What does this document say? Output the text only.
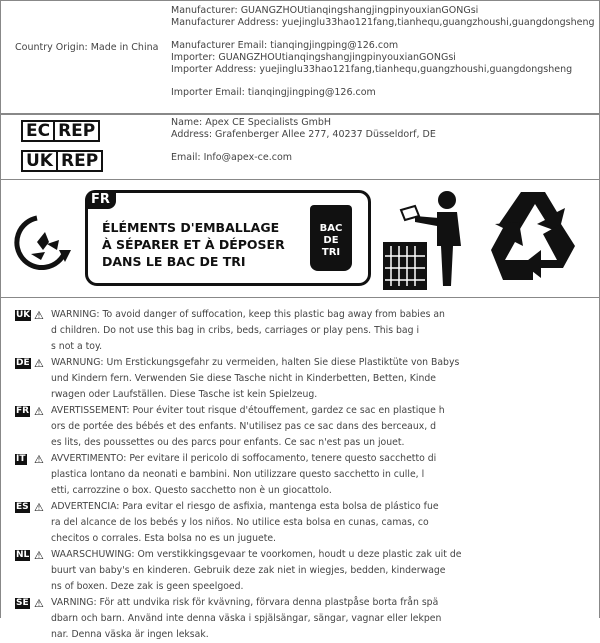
Country Origin: Made in China
Manufacturer: GUANGZHOUtianqingshangjingpinyouxianGONGsi
Manufacturer Address: yuejinglu33hao121fang,tianhequ,guangzhoushi,guangdongsheng
Manufacturer Email: tianqingjingping@126.com
Importer: GUANGZHOUtianqingshangjingpinyouxianGONGsi
Importer Address: yuejinglu33hao121fang,tianhequ,guangzhoushi,guangdongsheng
Importer Email: tianqingjingping@126.com
EC REP
UK REP
Name: Apex CE Specialists GmbH
Address: Grafenberger Allee 277, 40237 Düsseldorf, DE
Email: Info@apex-ce.com
FR
ÉLÉMENTS D'EMBALLAGE
À SÉPARER ET À DÉPOSER
DANS LE BAC DE TRI
BAC
DE
TRI
UK ⚠ WARNING: To avoid danger of suffocation, keep this plastic bag away from babies an
d children. Do not use this bag in cribs, beds, carriages or play pens. This bag i
s not a toy.
DE ⚠ WARNUNG: Um Erstickungsgefahr zu vermeiden, halten Sie diese Plastiktüte von Babys
und Kindern fern. Verwenden Sie diese Tasche nicht in Kinderbetten, Betten, Kinde
rwagen oder Laufställen. Diese Tasche ist kein Spielzeug.
FR ⚠ AVERTISSEMENT: Pour éviter tout risque d'étouffement, gardez ce sac en plastique h
ors de portée des bébés et des enfants. N'utilisez pas ce sac dans des berceaux, d
es lits, des poussettes ou des parcs pour enfants. Ce sac n'est pas un jouet.
IT ⚠ AVVERTIMENTO: Per evitare il pericolo di soffocamento, tenere questo sacchetto di
plastica lontano da neonati e bambini. Non utilizzare questo sacchetto in culle, l
etti, carrozzine o box. Questo sacchetto non è un giocattolo.
ES ⚠ ADVERTENCIA: Para evitar el riesgo de asfixia, mantenga esta bolsa de plástico fue
ra del alcance de los bebés y los niños. No utilice esta bolsa en cunas, camas, co
checitos o corrales. Esta bolsa no es un juguete.
NL ⚠ WAARSCHUWING: Om verstikkingsgevaar te voorkomen, houdt u deze plastic zak uit de
buurt van baby's en kinderen. Gebruik deze zak niet in wiegjes, bedden, kinderwage
ns of boxen. Deze zak is geen speelgoed.
SE ⚠ VARNING: För att undvika risk för kvävning, förvara denna plastpåse borta från spä
dbarn och barn. Använd inte denna väska i spjälsängar, sängar, vagnar eller lekpen
nar. Denna väska är ingen leksak.
